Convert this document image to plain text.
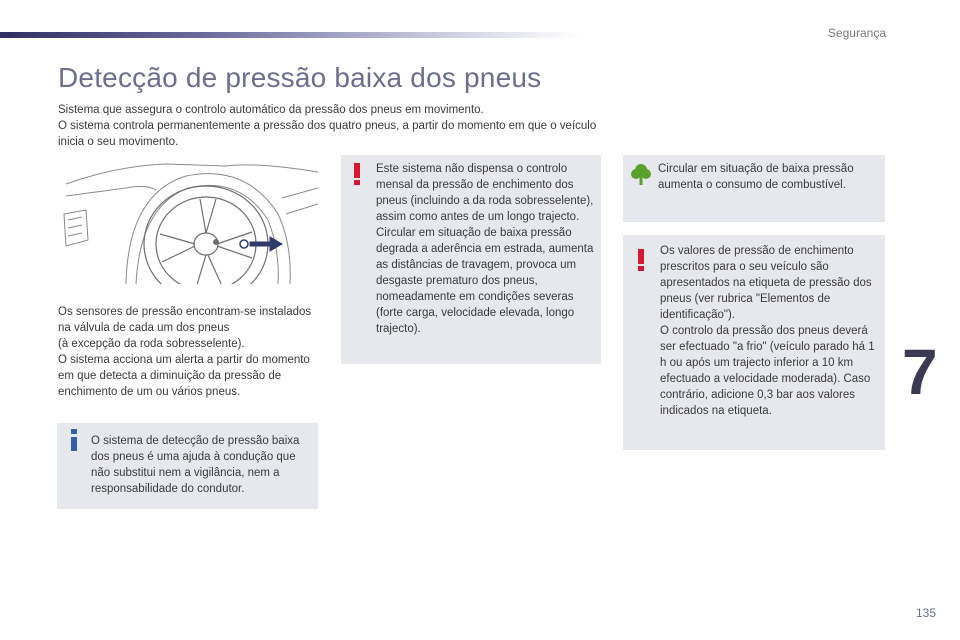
Segurança
Detecção de pressão baixa dos pneus

Sistema que assegura o controlo automático da pressão dos pneus em movimento.

O sistema controla permanentemente a pressão dos quatro pneus, a partir do momento em que o veículo inicia o seu movimento.

Os sensores de pressão encontram-se instalados na válvula de cada um dos pneus

(à excepção da roda sobresselente).

O sistema acciona um alerta a partir do momento em que detecta a diminuição da pressão de enchimento de um ou vários pneus.

O sistema de detecção de pressão baixa dos pneus é uma ajuda à condução que não substitui nem a vigilância, nem a responsabilidade do condutor.

Este sistema não dispensa o controlo mensal da pressão de enchimento dos pneus (incluindo a da roda sobresselente), assim como antes de um longo trajecto.

Circular em situação de baixa pressão degrada a aderência em estrada, aumenta as distâncias de travagem, provoca um desgaste prematuro dos pneus, nomeadamente em condições severas (forte carga, velocidade elevada, longo trajecto).

Circular em situação de baixa pressão aumenta o consumo de combustível.

Os valores de pressão de enchimento prescritos para o seu veículo são apresentados na etiqueta de pressão dos pneus (ver rubrica "Elementos de identificação").

O controlo da pressão dos pneus deverá ser efectuado "a frio" (veículo parado há 1 h ou após um trajecto inferior a 10 km efectuado a velocidade moderada). Caso contrário, adicione 0,3 bar aos valores indicados na etiqueta.

7
135
